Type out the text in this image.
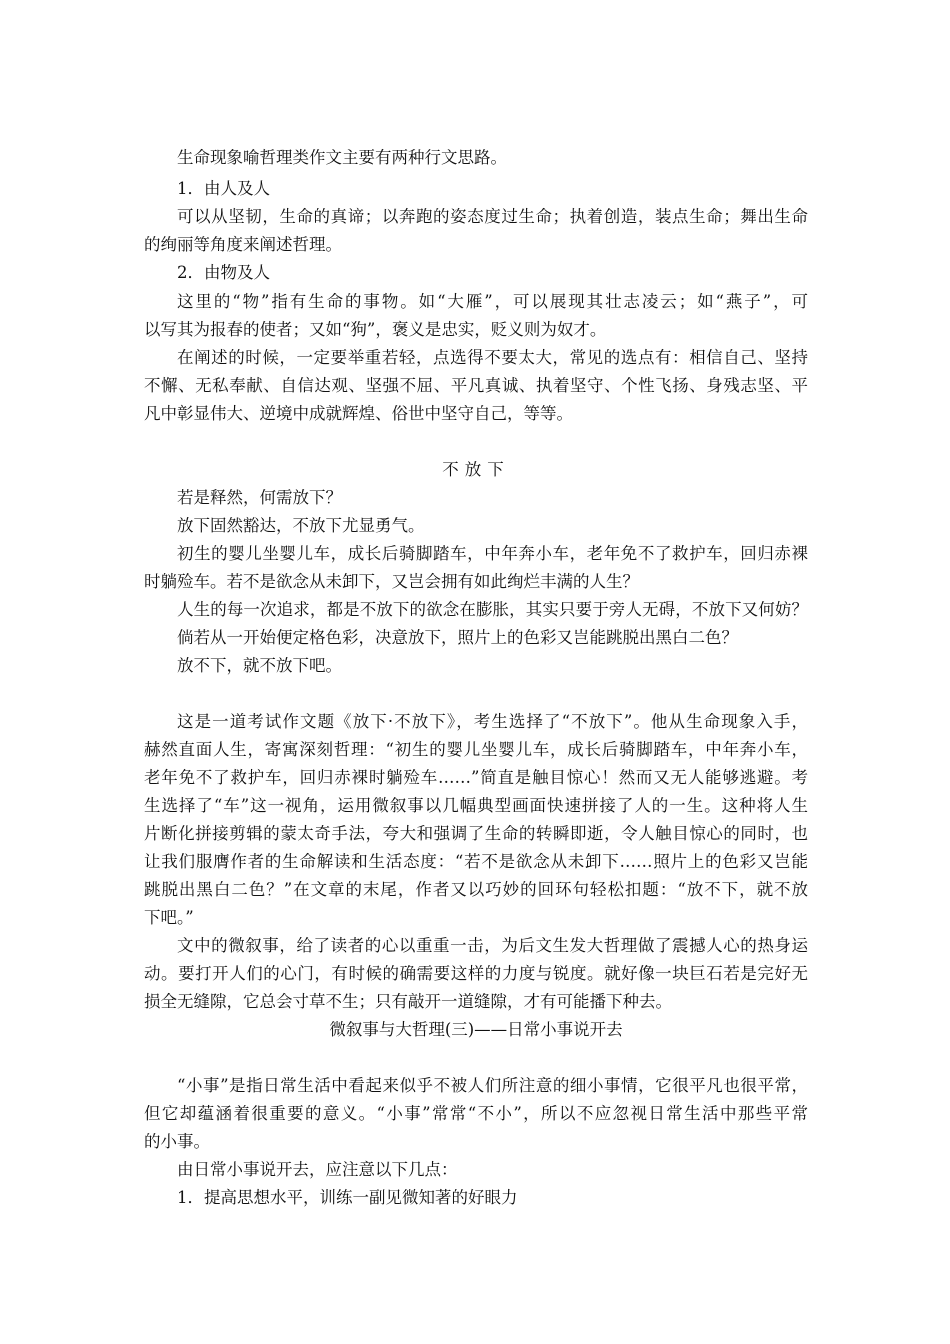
生命现象喻哲理类作文主要有两种行文思路。
1．由人及人
可以从坚韧，生命的真谛；以奔跑的姿态度过生命；执着创造，装点生命；舞出生命
的绚丽等角度来阐述哲理。
2．由物及人
这里的“物”指有生命的事物。如“大雁”，可以展现其壮志凌云；如“燕子”，可
以写其为报春的使者；又如“狗”，褒义是忠实，贬义则为奴才。
在阐述的时候，一定要举重若轻，点选得不要太大，常见的选点有：相信自己、坚持
不懈、无私奉献、自信达观、坚强不屈、平凡真诚、执着坚守、个性飞扬、身残志坚、平
凡中彰显伟大、逆境中成就辉煌、俗世中坚守自己，等等。
不放下
若是释然，何需放下？
放下固然豁达，不放下尤显勇气。
初生的婴儿坐婴儿车，成长后骑脚踏车，中年奔小车，老年免不了救护车，回归赤裸
时躺殓车。若不是欲念从未卸下，又岂会拥有如此绚烂丰满的人生？
人生的每一次追求，都是不放下的欲念在膨胀，其实只要于旁人无碍，不放下又何妨？
倘若从一开始便定格色彩，决意放下，照片上的色彩又岂能跳脱出黑白二色？
放不下，就不放下吧。
这是一道考试作文题《放下·不放下》，考生选择了“不放下”。他从生命现象入手，
赫然直面人生，寄寓深刻哲理：“初生的婴儿坐婴儿车，成长后骑脚踏车，中年奔小车，
老年免不了救护车，回归赤裸时躺殓车……”简直是触目惊心！然而又无人能够逃避。考
生选择了“车”这一视角，运用微叙事以几幅典型画面快速拼接了人的一生。这种将人生
片断化拼接剪辑的蒙太奇手法，夸大和强调了生命的转瞬即逝，令人触目惊心的同时，也
让我们服膺作者的生命解读和生活态度：“若不是欲念从未卸下……照片上的色彩又岂能
跳脱出黑白二色？”在文章的末尾，作者又以巧妙的回环句轻松扣题：“放不下，就不放
下吧。”
文中的微叙事，给了读者的心以重重一击，为后文生发大哲理做了震撼人心的热身运
动。要打开人们的心门，有时候的确需要这样的力度与锐度。就好像一块巨石若是完好无
损全无缝隙，它总会寸草不生；只有敲开一道缝隙，才有可能播下种去。
微叙事与大哲理(三)——日常小事说开去
“小事”是指日常生活中看起来似乎不被人们所注意的细小事情，它很平凡也很平常，
但它却蕴涵着很重要的意义。“小事”常常“不小”，所以不应忽视日常生活中那些平常
的小事。
由日常小事说开去，应注意以下几点：
1．提高思想水平，训练一副见微知著的好眼力
